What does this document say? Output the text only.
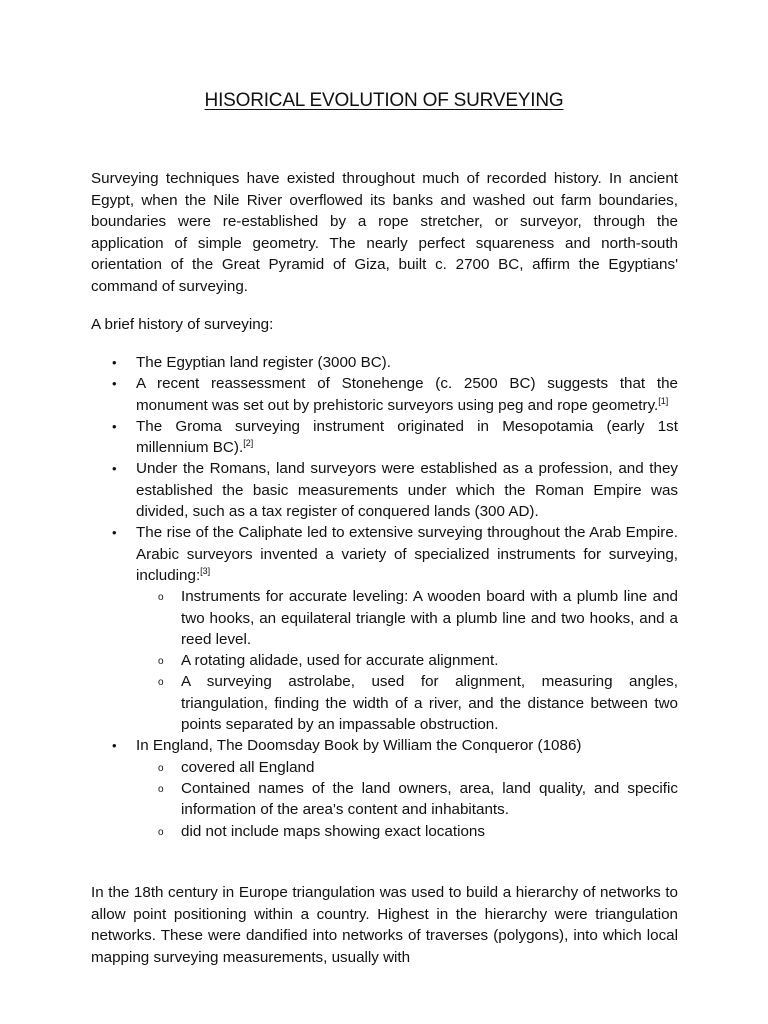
HISORICAL EVOLUTION OF SURVEYING

Surveying techniques have existed throughout much of recorded history. In ancient Egypt, when the Nile River overflowed its banks and washed out farm boundaries, boundaries were re-established by a rope stretcher, or surveyor, through the application of simple geometry. The nearly perfect squareness and north-south orientation of the Great Pyramid of Giza, built c. 2700 BC, affirm the Egyptians' command of surveying.

A brief history of surveying:

• The Egyptian land register (3000 BC).
• A recent reassessment of Stonehenge (c. 2500 BC) suggests that the monument was set out by prehistoric surveyors using peg and rope geometry.[1]
• The Groma surveying instrument originated in Mesopotamia (early 1st millennium BC).[2]
• Under the Romans, land surveyors were established as a profession, and they established the basic measurements under which the Roman Empire was divided, such as a tax register of conquered lands (300 AD).
• The rise of the Caliphate led to extensive surveying throughout the Arab Empire. Arabic surveyors invented a variety of specialized instruments for surveying, including:[3]
o Instruments for accurate leveling: A wooden board with a plumb line and two hooks, an equilateral triangle with a plumb line and two hooks, and a reed level.
o A rotating alidade, used for accurate alignment.
o A surveying astrolabe, used for alignment, measuring angles, triangulation, finding the width of a river, and the distance between two points separated by an impassable obstruction.
• In England, The Doomsday Book by William the Conqueror (1086)
o covered all England
o Contained names of the land owners, area, land quality, and specific information of the area's content and inhabitants.
o did not include maps showing exact locations

In the 18th century in Europe triangulation was used to build a hierarchy of networks to allow point positioning within a country. Highest in the hierarchy were triangulation networks. These were dandified into networks of traverses (polygons), into which local mapping surveying measurements, usually with
